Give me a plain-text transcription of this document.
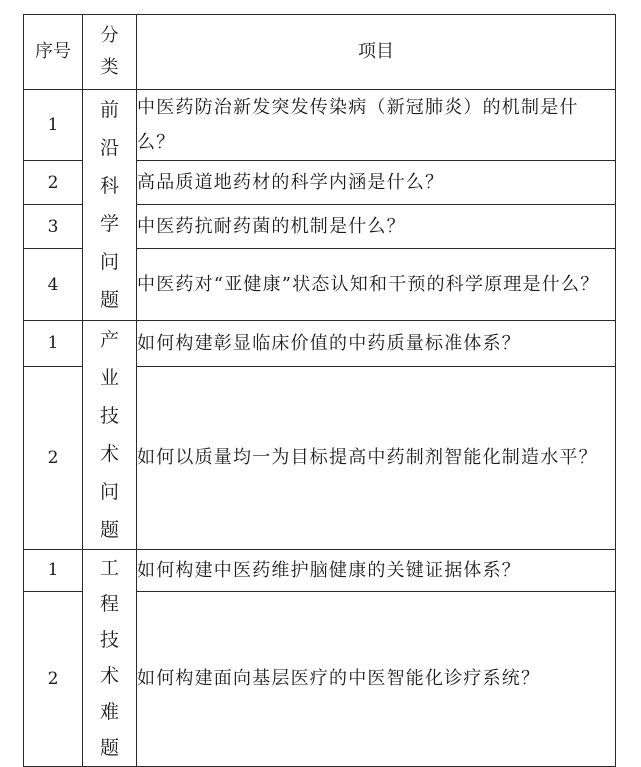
序号	分类	项目
1	前沿科学问题	中医药防治新发突发传染病（新冠肺炎）的机制是什么？
2		高品质道地药材的科学内涵是什么？
3		中医药抗耐药菌的机制是什么？
4		中医药对“亚健康”状态认知和干预的科学原理是什么？
1	产业技术问题	如何构建彰显临床价值的中药质量标准体系？
2		如何以质量均一为目标提高中药制剂智能化制造水平？
1	工程技术难题	如何构建中医药维护脑健康的关键证据体系？
2		如何构建面向基层医疗的中医智能化诊疗系统？
